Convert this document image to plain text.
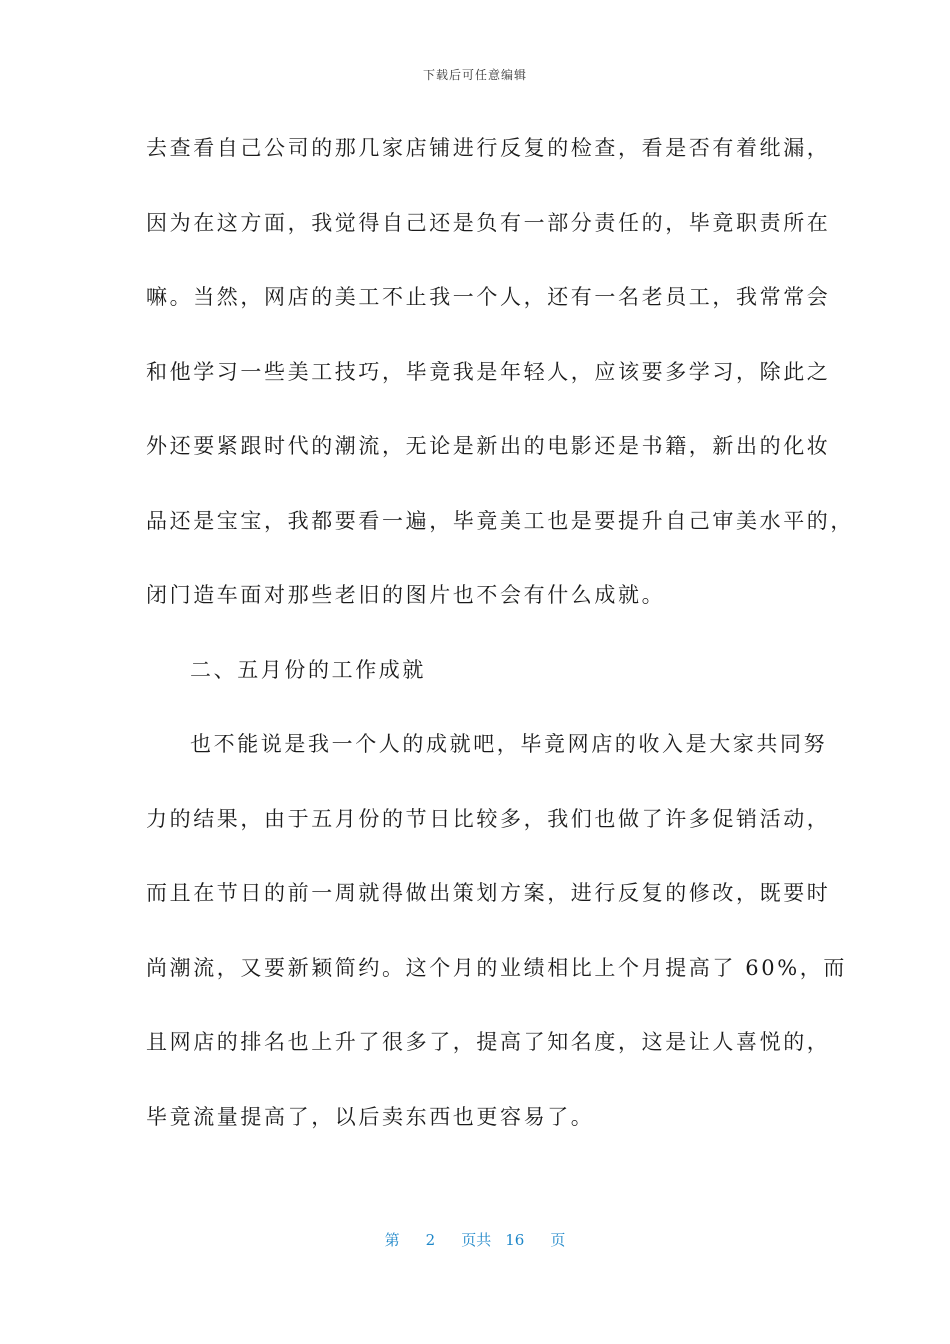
下载后可任意编辑
去查看自己公司的那几家店铺进行反复的检查，看是否有着纰漏，
因为在这方面，我觉得自己还是负有一部分责任的，毕竟职责所在
嘛。当然，网店的美工不止我一个人，还有一名老员工，我常常会
和他学习一些美工技巧，毕竟我是年轻人，应该要多学习，除此之
外还要紧跟时代的潮流，无论是新出的电影还是书籍，新出的化妆
品还是宝宝，我都要看一遍，毕竟美工也是要提升自己审美水平的，
闭门造车面对那些老旧的图片也不会有什么成就。
二、五月份的工作成就
也不能说是我一个人的成就吧，毕竟网店的收入是大家共同努
力的结果，由于五月份的节日比较多，我们也做了许多促销活动，
而且在节日的前一周就得做出策划方案，进行反复的修改，既要时
尚潮流，又要新颖简约。这个月的业绩相比上个月提高了 60%，而
且网店的排名也上升了很多了，提高了知名度，这是让人喜悦的，
毕竟流量提高了，以后卖东西也更容易了。
第 2 页共 16 页
